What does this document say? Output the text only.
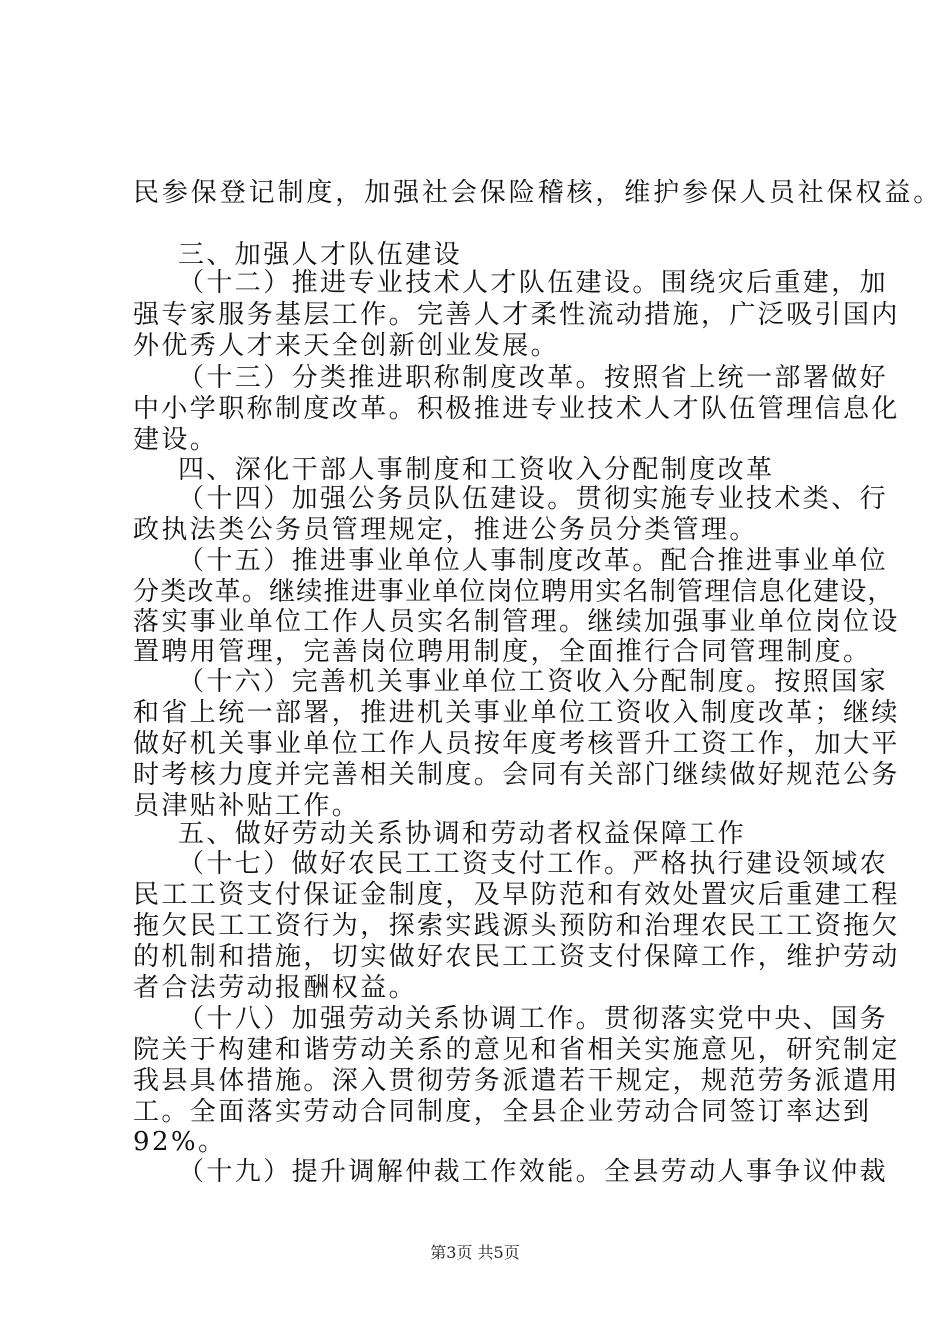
民参保登记制度，加强社会保险稽核，维护参保人员社保权益。
三、加强人才队伍建设
（十二）推进专业技术人才队伍建设。围绕灾后重建，加
强专家服务基层工作。完善人才柔性流动措施，广泛吸引国内
外优秀人才来天全创新创业发展。
（十三）分类推进职称制度改革。按照省上统一部署做好
中小学职称制度改革。积极推进专业技术人才队伍管理信息化
建设。
四、深化干部人事制度和工资收入分配制度改革
（十四）加强公务员队伍建设。贯彻实施专业技术类、行
政执法类公务员管理规定，推进公务员分类管理。
（十五）推进事业单位人事制度改革。配合推进事业单位
分类改革。继续推进事业单位岗位聘用实名制管理信息化建设，
落实事业单位工作人员实名制管理。继续加强事业单位岗位设
置聘用管理，完善岗位聘用制度，全面推行合同管理制度。
（十六）完善机关事业单位工资收入分配制度。按照国家
和省上统一部署，推进机关事业单位工资收入制度改革；继续
做好机关事业单位工作人员按年度考核晋升工资工作，加大平
时考核力度并完善相关制度。会同有关部门继续做好规范公务
员津贴补贴工作。
五、做好劳动关系协调和劳动者权益保障工作
（十七）做好农民工工资支付工作。严格执行建设领域农
民工工资支付保证金制度，及早防范和有效处置灾后重建工程
拖欠民工工资行为，探索实践源头预防和治理农民工工资拖欠
的机制和措施，切实做好农民工工资支付保障工作，维护劳动
者合法劳动报酬权益。
（十八）加强劳动关系协调工作。贯彻落实党中央、国务
院关于构建和谐劳动关系的意见和省相关实施意见，研究制定
我县具体措施。深入贯彻劳务派遣若干规定，规范劳务派遣用
工。全面落实劳动合同制度，全县企业劳动合同签订率达到
92%。
（十九）提升调解仲裁工作效能。全县劳动人事争议仲裁
第3页 共5页
